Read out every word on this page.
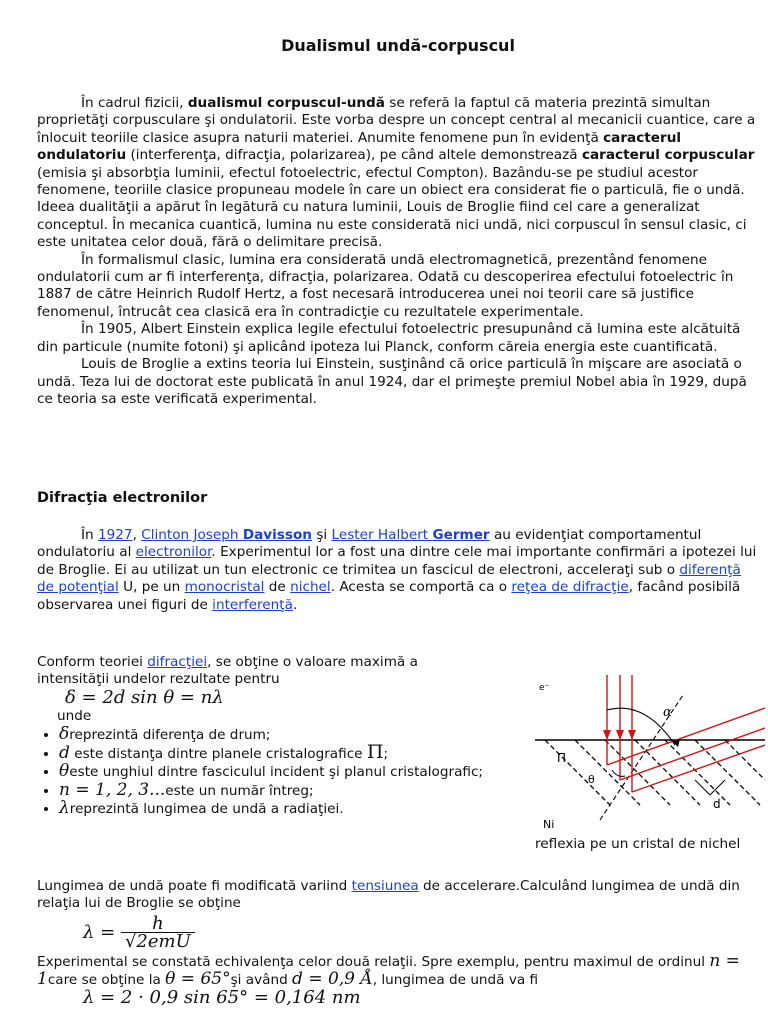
Dualismul undă-corpuscul

În cadrul fizicii, dualismul corpuscul-undă se referă la faptul că materia prezintă simultan proprietăţi corpusculare şi ondulatorii. Este vorba despre un concept central al mecanicii cuantice, care a înlocuit teoriile clasice asupra naturii materiei. Anumite fenomene pun în evidenţă caracterul ondulatoriu (interferenţa, difracţia, polarizarea), pe când altele demonstrează caracterul corpuscular (emisia şi absorbţia luminii, efectul fotoelectric, efectul Compton). Bazându-se pe studiul acestor fenomene, teoriile clasice propuneau modele în care un obiect era considerat fie o particulă, fie o undă. Ideea dualităţii a apărut în legătură cu natura luminii, Louis de Broglie fiind cel care a generalizat conceptul. În mecanica cuantică, lumina nu este considerată nici undă, nici corpuscul în sensul clasic, ci este unitatea celor două, fără o delimitare precisă.

În formalismul clasic, lumina era considerată undă electromagnetică, prezentând fenomene ondulatorii cum ar fi interferenţa, difracţia, polarizarea. Odată cu descoperirea efectului fotoelectric în 1887 de către Heinrich Rudolf Hertz, a fost necesară introducerea unei noi teorii care să justifice fenomenul, întrucât cea clasică era în contradicţie cu rezultatele experimentale.

În 1905, Albert Einstein explica legile efectului fotoelectric presupunând că lumina este alcătuită din particule (numite fotoni) şi aplicând ipoteza lui Planck, conform căreia energia este cuantificată.

Louis de Broglie a extins teoria lui Einstein, susţinând că orice particulă în mişcare are asociată o undă. Teza lui de doctorat este publicată în anul 1924, dar el primeşte premiul Nobel abia în 1929, după ce teoria sa este verificată experimental.

Difracţia electronilor

În 1927, Clinton Joseph Davisson şi Lester Halbert Germer au evidenţiat comportamentul ondulatoriu al electronilor. Experimentul lor a fost una dintre cele mai importante confirmări a ipotezei lui de Broglie. Ei au utilizat un tun electronic ce trimitea un fascicul de electroni, acceleraţi sub o diferenţă de potenţial U, pe un monocristal de nichel. Acesta se comportă ca o reţea de difracţie, facând posibilă observarea unei figuri de interferenţă.

Conform teoriei difracţiei, se obţine o valoare maximă a intensităţii undelor rezultate pentru

δ = 2d sin θ = nλ

unde

• δreprezintă diferenţa de drum;
• d este distanţa dintre planele cristalografice Π;
• θeste unghiul dintre fasciculul incident şi planul cristalografic;
• n = 1, 2, 3...este un număr întreg;
• λreprezintă lungimea de undă a radiaţiei.
e⁻
α
Π
θ
d
Ni
reflexia pe un cristal de nichel

Lungimea de undă poate fi modificată variind tensiunea de accelerare.Calculând lungimea de undă din relaţia lui de Broglie se obţine

$\lambda = \frac{h}{\text{√2emU}}$

Experimental se constată echivalenţa celor două relaţii. Spre exemplu, pentru maximul de ordinul n = 1care se obţine la θ = 65°şi având d = 0,9 Å, lungimea de undă va fi

λ = 2 · 0,9 sin 65° = 0,164 nm
